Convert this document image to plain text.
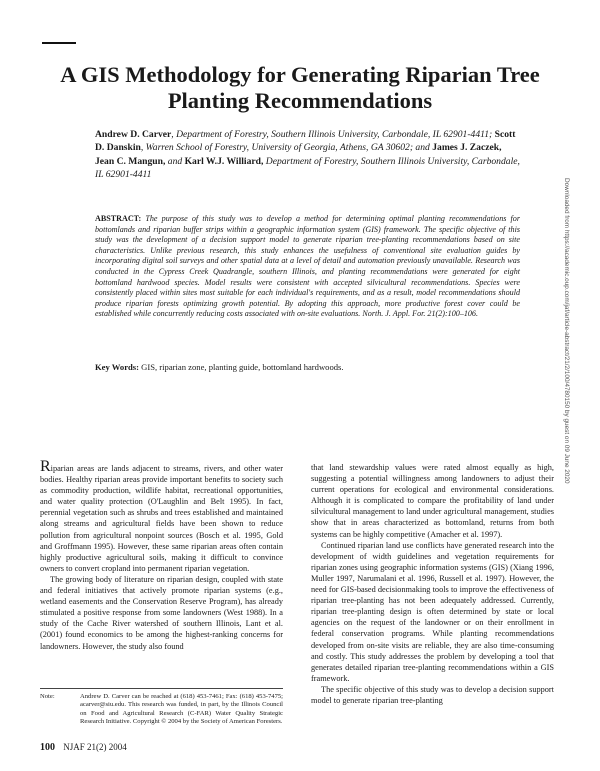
A GIS Methodology for Generating Riparian Tree Planting Recommendations
Andrew D. Carver, Department of Forestry, Southern Illinois University, Carbondale, IL 62901-4411; Scott D. Danskin, Warren School of Forestry, University of Georgia, Athens, GA 30602; and James J. Zaczek, Jean C. Mangun, and Karl W.J. Williard, Department of Forestry, Southern Illinois University, Carbondale, IL 62901-4411
ABSTRACT: The purpose of this study was to develop a method for determining optimal planting recommendations for bottomlands and riparian buffer strips within a geographic information system (GIS) framework. The specific objective of this study was the development of a decision support model to generate riparian tree-planting recommendations based on site characteristics. Unlike previous research, this study enhances the usefulness of conventional site evaluation guides by incorporating digital soil surveys and other spatial data at a level of detail and automation previously unavailable. Research was conducted in the Cypress Creek Quadrangle, southern Illinois, and planting recommendations were generated for eight bottomland hardwood species. Model results were consistent with accepted silvicultural recommendations. Species were consistently placed within sites most suitable for each individual's requirements, and as a result, model recommendations should produce riparian forests optimizing growth potential. By adopting this approach, more productive forest cover could be established while concurrently reducing costs associated with on-site evaluations. North. J. Appl. For. 21(2):100–106.
Key Words: GIS, riparian zone, planting guide, bottomland hardwoods.

Riparian areas are lands adjacent to streams, rivers, and other water bodies. Healthy riparian areas provide important benefits to society such as commodity production, wildlife habitat, recreational opportunities, and water quality protection (O'Laughlin and Belt 1995). In fact, perennial vegetation such as shrubs and trees established and maintained along streams and agricultural fields have been shown to reduce pollution from agricultural nonpoint sources (Bosch et al. 1995, Gold and Groffmann 1995). However, these same riparian areas often contain highly productive agricultural soils, making it difficult to convince owners to convert cropland into permanent riparian vegetation.

The growing body of literature on riparian design, coupled with state and federal initiatives that actively promote riparian systems (e.g., wetland easements and the Conservation Reserve Program), has already stimulated a positive response from some landowners (West 1988). In a study of the Cache River watershed of southern Illinois, Lant et al. (2001) found economics to be among the highest-ranking concerns for landowners. However, the study also found

that land stewardship values were rated almost equally as high, suggesting a potential willingness among landowners to adjust their current operations for ecological and environmental considerations. Although it is complicated to compare the profitability of land under silvicultural management to land under agricultural management, studies show that in areas characterized as bottomland, returns from both systems can be highly competitive (Amacher et al. 1997).

Continued riparian land use conflicts have generated research into the development of width guidelines and vegetation requirements for riparian zones using geographic information systems (GIS) (Xiang 1996, Muller 1997, Narumalani et al. 1996, Russell et al. 1997). However, the need for GIS-based decisionmaking tools to improve the effectiveness of riparian tree-planting has not been adequately addressed. Currently, riparian tree-planting design is often determined by state or local agencies on the request of the landowner or on their enrollment in federal conservation programs. While planting recommendations developed from on-site visits are reliable, they are also time-consuming and costly. This study addresses the problem by developing a tool that generates detailed riparian tree-planting recommendations within a GIS framework.

The specific objective of this study was to develop a decision support model to generate riparian tree-planting

Note:	Andrew D. Carver can be reached at (618) 453-7461; Fax: (618) 453-7475; acarver@siu.edu. This research was funded, in part, by the Illinois Council on Food and Agricultural Research (C-FAR) Water Quality Strategic Research Initiative. Copyright © 2004 by the Society of American Foresters.
100 NJAF 21(2) 2004
Downloaded from https://academic.oup.com/jaf/article-abstract/21/2/100/4780150 by guest on 09 June 2020
